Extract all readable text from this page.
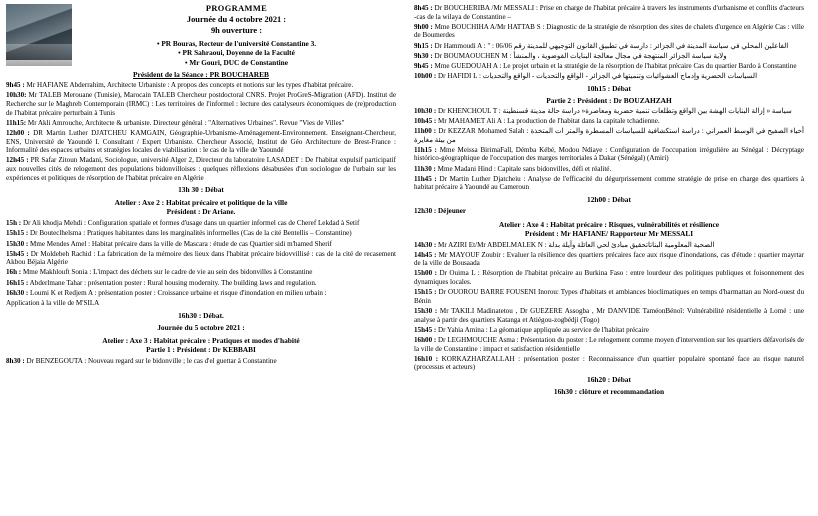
PROGRAMME
Journée du 4 octobre 2021 :
9h ouverture :
• PR Bouras, Recteur de l'université Constantine 3.
• PR Sahraoui, Doyenne de la Faculté
• Mr Gouri, DUC de Constantine
Président de la Séance : PR BOUCHAREB

9h45 : Mr HAFIANE Abderrahim, Architecte Urbaniste : A propos des concepts et notions sur les types d'habitat précaire.

10h30: Mr TALEB Merouane (Tunisie), Marocain TALEB Chercheur postdoctoral CNRS. Projet ProGreS-Migration (AFD). Institut de Recherche sur le Maghreb Contemporain (IRMC) : Les territoires de l'informel : lecture des catalyseurs économiques de (re)production de l'habitat précaire perturbain à Tunis

11h15: Mr Akli Amrouche, Architecte & urbaniste. Directeur général : "Alternatives Urbaines". Revue "Vies de Villes"

12h00 : DR Martin Luther DJATCHEU KAMGAIN, Géographie-Urbanisme-Aménagement-Environnement. Enseignant-Chercheur, ENS, Université de Yaoundé I. Consultant / Expert Urbaniste. Chercheur Associé, Institut de Géo Architecture de Brest-France : Informalité des espaces urbains et stratégies locales de viabilisation : le cas de la ville de Yaoundé

12h45 : PR Safar Zitoun Madani, Sociologue, université Alger 2, Directeur du laboratoire LASADET : De l'habitat expulsif participatif aux nouvelles cités de relogement des populations bidonvilloises : quelques réflexions désabusées d'un sociologue de l'urbain sur les expériences et politiques de résorption de l'habitat précaire en Algérie

13h 30 : Débat
Atelier : Axe 2 : Habitat précaire et politique de la ville
Président : Dr Ariane.

15h : Dr Ali khodja Mehdi : Configuration spatiale et formes d'usage dans un quartier informel cas de Cheref Lekdad à Setif

15h15 : Dr Bouteclhelsma : Pratiques habitantes dans les marginalités informelles (Cas de la cité Bentellis – Constantine)

15h30 : Mme Mendes Amel : Habitat précaire dans la ville de Mascara : étude de cas Quartier sidi m'hamed Sherif

15h45 : Dr Moldebeh Rachid : La fabrication de la mémoire des lieux dans l'habitat précaire bidovvillisé : cas de la cité de recasement Akbou Béjaia Algérie

16h : Mme Makhlouft Sonia : L'impact des déchets sur le cadre de vie au sein des bidonvilles à Constantine

16h15 : Abderlmane Tahar : présentation poster : Rural housing modernity. The building laws and regulation.

16h30 : Loumi K et Redjem A : présentation poster : Croissance urbaine et risque d'inondation en milieu urbain :

Application à la ville de M'SILA

16h30 : Débat.
Journée du 5 octobre 2021 :
Atelier : Axe 3 : Habitat précaire : Pratiques et modes d'habité
Partie 1 : Président : Dr KEBBABI

8h30 : Dr BENZEGOUTA : Nouveau regard sur le bidonville ; le cas d'el guettar à Constantine

8h45 : Dr BOUCHERIBA /Mr MESSALI : Prise en charge de l'habitat précaire à travers les instruments d'urbanisme et conflits d'acteurs -cas de la wilaya de Constantine –

9h00 : Mme BOUCHIHA A/Mr HATTAB S : Diagnostic de la stratégie de résorption des sites de chalets d'urgence en Algérie Cas : ville de Boumerdes

9h15 : Dr Hammoudi A : " : الفاعلين المحلي في سياسة المدينة في الجزائر : دارسة في تطبيق القانون التوجيهي للمدينة رقم 06/06

9h30 : Dr BOUMAOUCHEN M : ولاية سياسة الجزائر المنتهجة في مجال معالجة البنايات الفوضوية ، والمنشأ

9h45 : Mme GUEDOUAH A : Le projet urbain et la stratégie de la résorption de l'habitat précaire Cas du quartier Bardo à Constantine

10h00 : Dr HAFIDI L : السياسات الحضرية وإدماج العشوائيات وتنميتها في الجزائر - الواقع والتحديات - الواقع والتحديات

10h15 : Débat
Partie 2 : Président : Dr BOUZAHZAH

10h30 : Dr KHENCHOUL T : سياسة « إزالة البنايات الهشة بين الواقع وتطلعات تنمية حضرية ومعاصرة« دراسة حالة مدينة قسنطينة

10h45 : Mr MAHAMET Ali A : La production de l'habitat dans la capitale tchadienne.

11h00 : Dr KEZZAR Mohamed Salah : أحياء الصفيح في الوسط العمراني : دراسة استكشافية للسياسات المسطرة والمتر ات المتخذة من بيئة مغايرة

11h15 : Mme Meissa BirimaFall, Démba Kébé, Modou Ndiaye : Configuration de l'occupation irrégulière au Sénégal : Décryptage histórico-géographique de l'occupation des marges territoriales à Dakar (Sénégal) (Amiri)

11h30 : Mme Madani Hind : Capitale sans bidonvilles, défi et réalité.

11h45 : Dr Martin Luther Djatcheiu : Analyse de l'efficacité du dégurprissement comme stratégie de prise en charge des quartiers à habitat précaire à Yaoundé au Cameroun

12h00 : Débat

12h30 : Déjeuner

Atelier : Axe 4 : Habitat précaire : Risques, vulnérabilités et résilience
Président : Mr HAFIANE/ Rapporteur Mr MESSALI

14h30 : Mr AZIRI Et/Mr ABDELMALEK N : الصحية المعلومية البناتاتحقيق مبادئ لحي العائلة وآيلة بدلة

14h45 : Mr MAYOUF Zoubir : Evaluer la résilience des quartiers précaires face aux risque d'inondations, cas d'étude : quartier mayrtar de la ville de Bousaada

15h00 : Dr Ouima L : Résorption de l'habitat précaire au Burkina Faso : entre lourdeur des politiques publiques et foisonnement des dynamiques locales.

15h15 : Dr OUOROU BARRE FOUSENI Inorou: Types d'habitats et ambiances bioclimatiques en temps d'harmattan au Nord-ouest du Bénin

15h30 : Mr TAKILI Madinatetou , Dr GUEZERE Assogba , Mr DANVIDE TaméonBénoî: Vulnérabilité résidentielle à Lomé : une analyse à partir des quartiers Katanga et Atiégou-zogbédji (Togo)

15h45 : Dr Yahia Amina : La géomatique appliquée au service de l'habitat précaire

16h00 : Dr LEGHMOUCHE Asma : Présentation du poster : Le relogement comme moyen d'intervention sur les quartiers défavorisés de la ville de Constantine : impact et satisfaction résidentielle

16h10 : KORKAZHARZALLAH : présentation poster : Reconnaissance d'un quartier populaire spontané face au risque naturel (processus et acteurs)

16h20 : Débat
16h30 : clôture et recommandation
